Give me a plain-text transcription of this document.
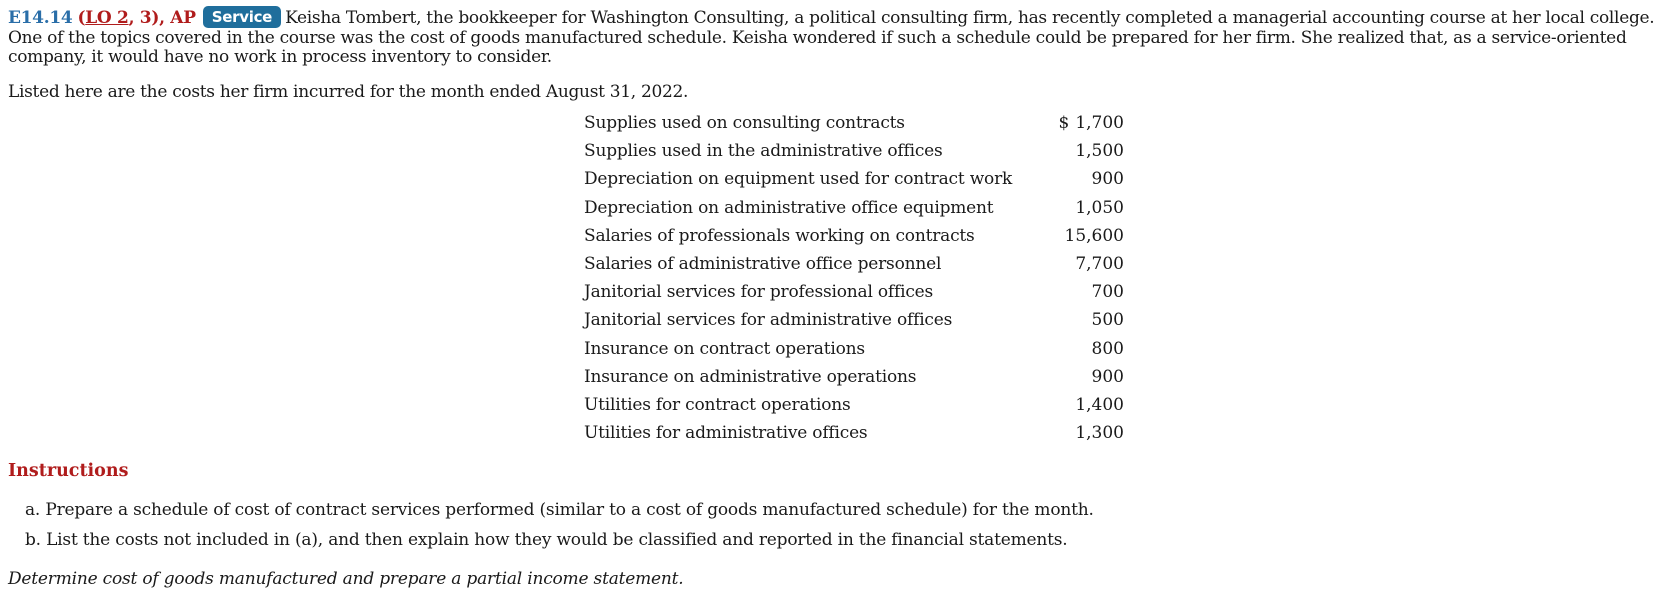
E14.14 (LO 2, 3), AP Service Keisha Tombert, the bookkeeper for Washington Consulting, a political consulting firm, has recently completed a managerial accounting course at her local college. One of the topics covered in the course was the cost of goods manufactured schedule. Keisha wondered if such a schedule could be prepared for her firm. She realized that, as a service-oriented company, it would have no work in process inventory to consider.
Listed here are the costs her firm incurred for the month ended August 31, 2022.
Supplies used on consulting contracts	$ 1,700
Supplies used in the administrative offices	1,500
Depreciation on equipment used for contract work	900
Depreciation on administrative office equipment	1,050
Salaries of professionals working on contracts	15,600
Salaries of administrative office personnel	7,700
Janitorial services for professional offices	700
Janitorial services for administrative offices	500
Insurance on contract operations	800
Insurance on administrative operations	900
Utilities for contract operations	1,400
Utilities for administrative offices	1,300
Instructions
a. Prepare a schedule of cost of contract services performed (similar to a cost of goods manufactured schedule) for the month.
b. List the costs not included in (a), and then explain how they would be classified and reported in the financial statements.
Determine cost of goods manufactured and prepare a partial income statement.
